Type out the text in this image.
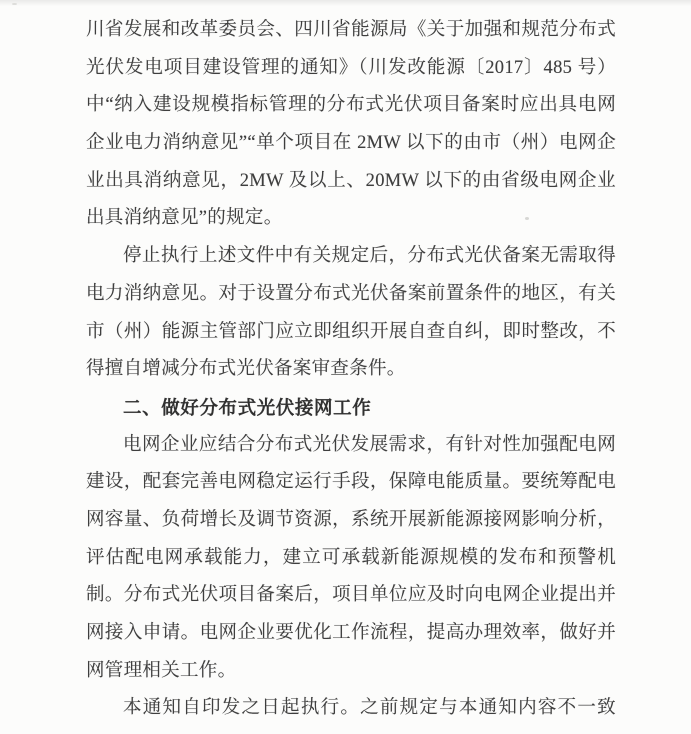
川省发展和改革委员会、四川省能源局《关于加强和规范分布式
光伏发电项目建设管理的通知》（川发改能源〔2017〕485 号）
中“纳入建设规模指标管理的分布式光伏项目备案时应出具电网
企业电力消纳意见”“单个项目在 2MW 以下的由市（州）电网企
业出具消纳意见，2MW 及以上、20MW 以下的由省级电网企业
出具消纳意见”的规定。
停止执行上述文件中有关规定后，分布式光伏备案无需取得
电力消纳意见。对于设置分布式光伏备案前置条件的地区，有关
市（州）能源主管部门应立即组织开展自查自纠，即时整改，不
得擅自增减分布式光伏备案审查条件。
二、做好分布式光伏接网工作
电网企业应结合分布式光伏发展需求，有针对性加强配电网
建设，配套完善电网稳定运行手段，保障电能质量。要统筹配电
网容量、负荷增长及调节资源，系统开展新能源接网影响分析，
评估配电网承载能力，建立可承载新能源规模的发布和预警机
制。分布式光伏项目备案后，项目单位应及时向电网企业提出并
网接入申请。电网企业要优化工作流程，提高办理效率，做好并
网管理相关工作。
本通知自印发之日起执行。之前规定与本通知内容不一致
